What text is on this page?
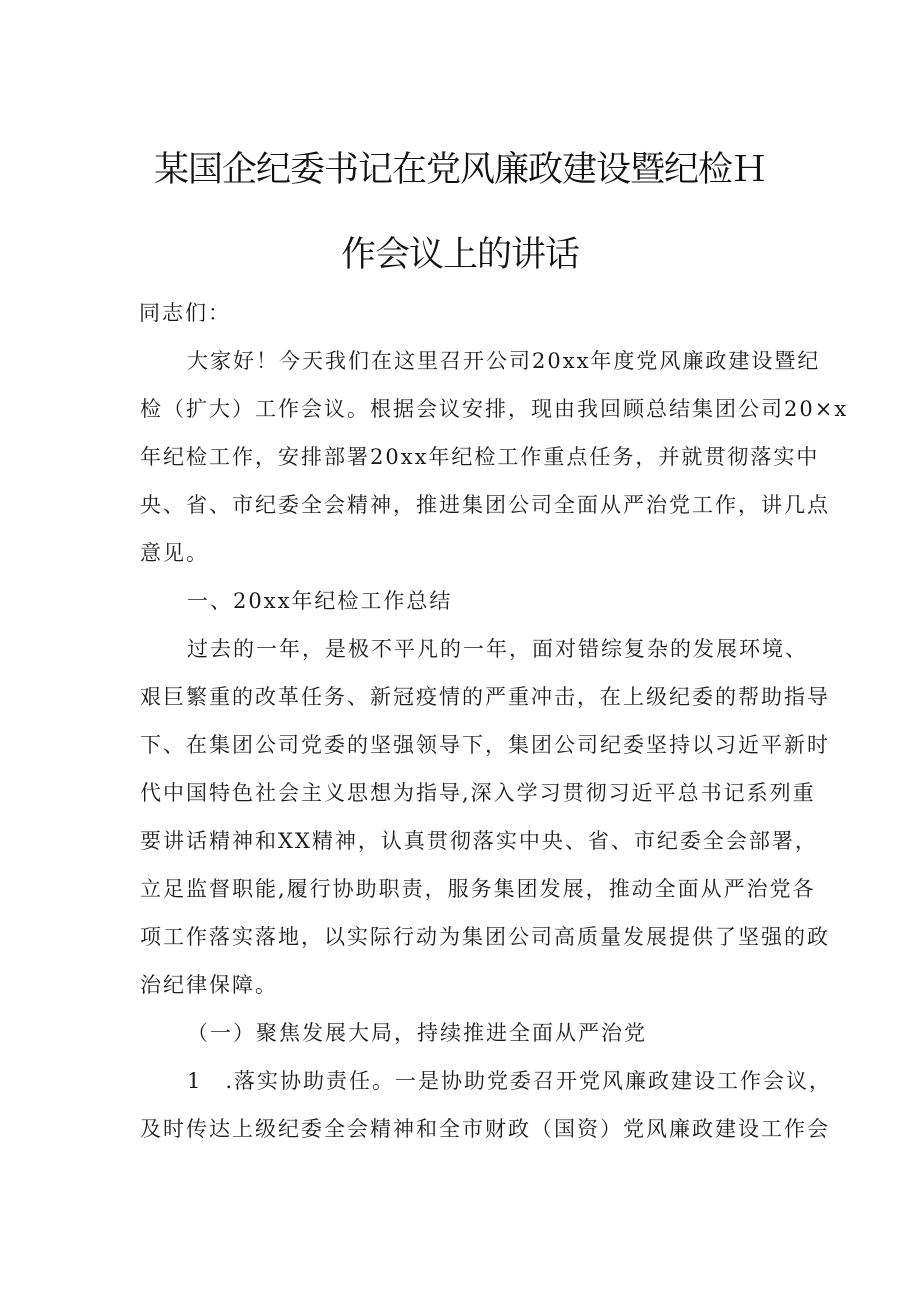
某国企纪委书记在党风廉政建设暨纪检Ｈ
作会议上的讲话
同志们：
大家好！今天我们在这里召开公司20xx年度党风廉政建设暨纪
检（扩大）工作会议。根据会议安排，现由我回顾总结集团公司20×x
年纪检工作，安排部署20xx年纪检工作重点任务，并就贯彻落实中
央、省、市纪委全会精神，推进集团公司全面从严治党工作，讲几点
意见。
一、20xx年纪检工作总结
过去的一年，是极不平凡的一年，面对错综复杂的发展环境、
艰巨繁重的改革任务、新冠疫情的严重冲击，在上级纪委的帮助指导
下、在集团公司党委的坚强领导下，集团公司纪委坚持以习近平新时
代中国特色社会主义思想为指导,深入学习贯彻习近平总书记系列重
要讲话精神和XX精神，认真贯彻落实中央、省、市纪委全会部署，
立足监督职能,履行协助职责，服务集团发展，推动全面从严治党各
项工作落实落地，以实际行动为集团公司高质量发展提供了坚强的政
治纪律保障。
（一）聚焦发展大局，持续推进全面从严治党
1　.落实协助责任。一是协助党委召开党风廉政建设工作会议，
及时传达上级纪委全会精神和全市财政（国资）党风廉政建设工作会
